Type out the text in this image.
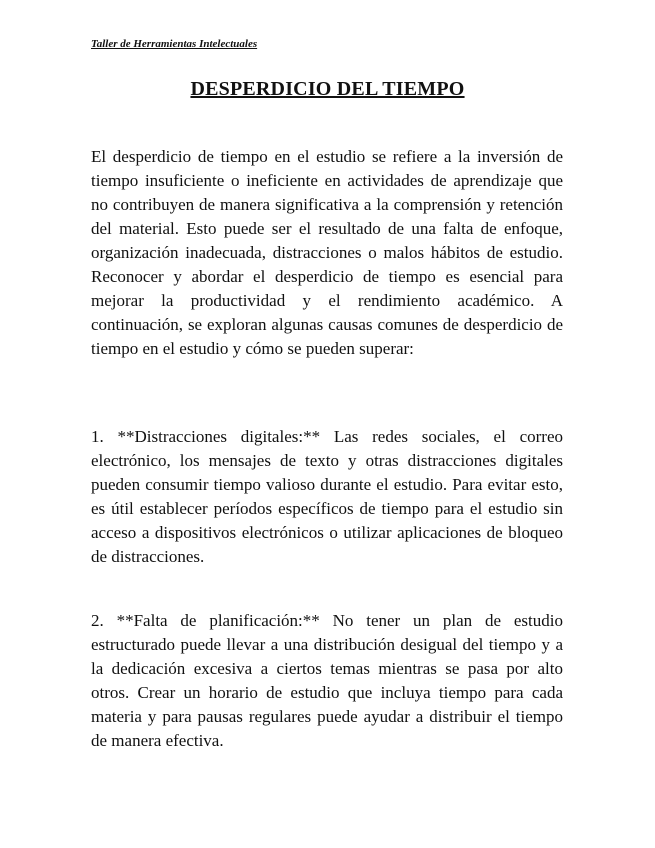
Taller de Herramientas Intelectuales
DESPERDICIO DEL TIEMPO

El desperdicio de tiempo en el estudio se refiere a la inversión de tiempo insuficiente o ineficiente en actividades de aprendizaje que no contribuyen de manera significativa a la comprensión y retención del material. Esto puede ser el resultado de una falta de enfoque, organización inadecuada, distracciones o malos hábitos de estudio. Reconocer y abordar el desperdicio de tiempo es esencial para mejorar la productividad y el rendimiento académico. A continuación, se exploran algunas causas comunes de desperdicio de tiempo en el estudio y cómo se pueden superar:

1. **Distracciones digitales:** Las redes sociales, el correo electrónico, los mensajes de texto y otras distracciones digitales pueden consumir tiempo valioso durante el estudio. Para evitar esto, es útil establecer períodos específicos de tiempo para el estudio sin acceso a dispositivos electrónicos o utilizar aplicaciones de bloqueo de distracciones.

2. **Falta de planificación:** No tener un plan de estudio estructurado puede llevar a una distribución desigual del tiempo y a la dedicación excesiva a ciertos temas mientras se pasa por alto otros. Crear un horario de estudio que incluya tiempo para cada materia y para pausas regulares puede ayudar a distribuir el tiempo de manera efectiva.
